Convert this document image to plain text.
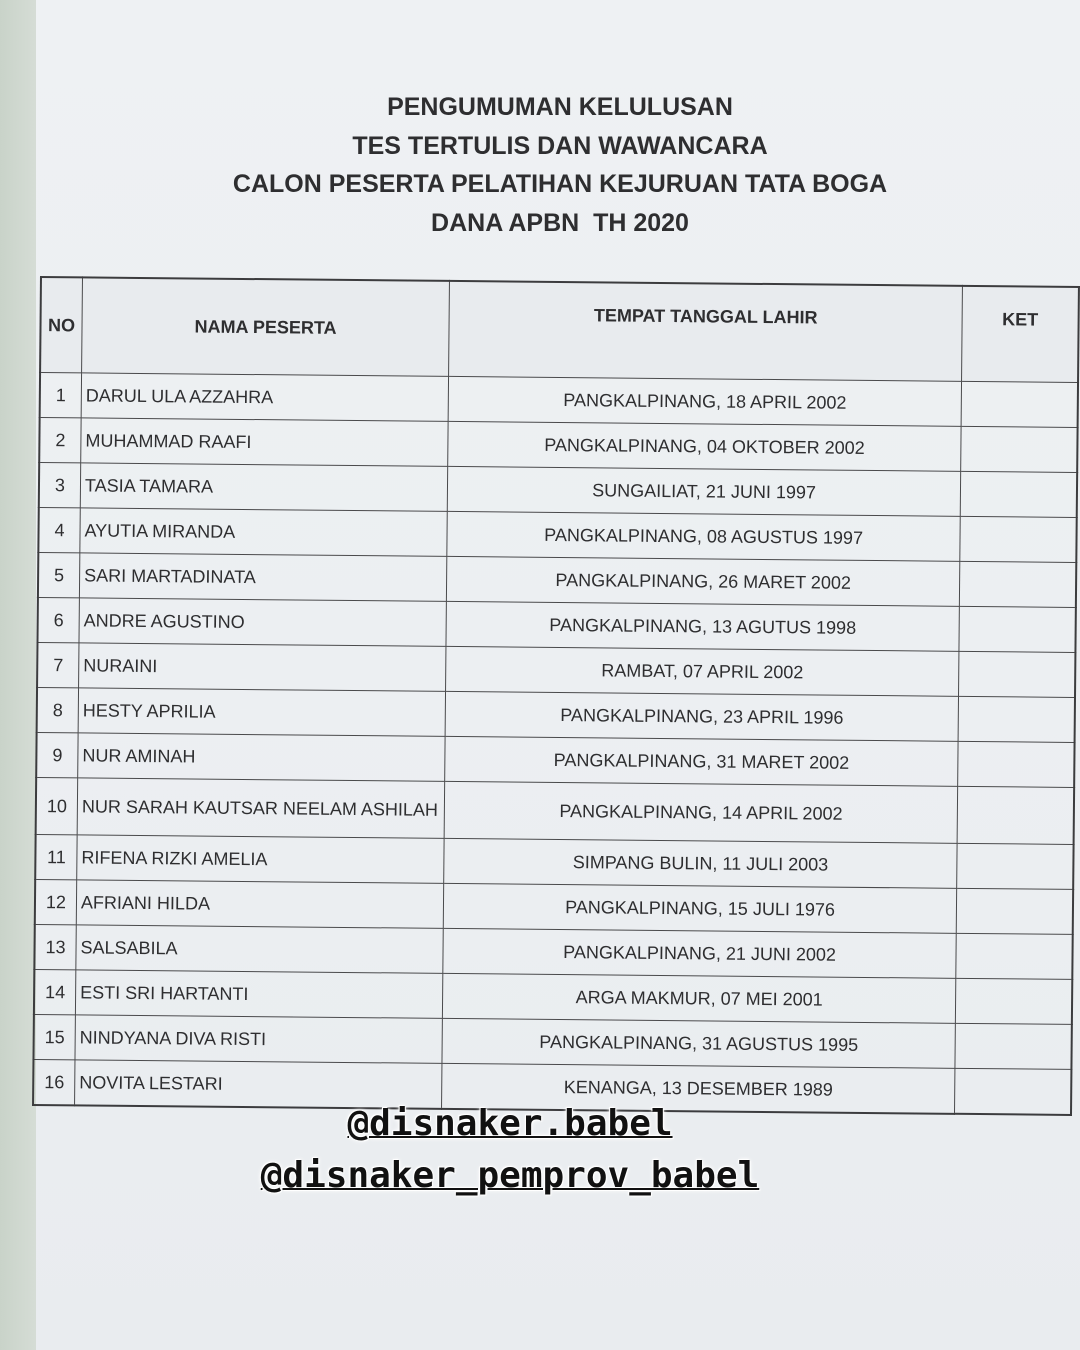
PENGUMUMAN KELULUSAN
TES TERTULIS DAN WAWANCARA
CALON PESERTA PELATIHAN KEJURUAN TATA BOGA
DANA APBN  TH 2020
NO	NAMA PESERTA	TEMPAT TANGGAL LAHIR	KET
1	DARUL ULA AZZAHRA	PANGKALPINANG, 18 APRIL 2002	
2	MUHAMMAD RAAFI	PANGKALPINANG, 04 OKTOBER 2002	
3	TASIA TAMARA	SUNGAILIAT, 21 JUNI 1997	
4	AYUTIA MIRANDA	PANGKALPINANG, 08 AGUSTUS 1997	
5	SARI MARTADINATA	PANGKALPINANG, 26 MARET 2002	
6	ANDRE AGUSTINO	PANGKALPINANG, 13 AGUTUS 1998	
7	NURAINI	RAMBAT, 07 APRIL 2002	
8	HESTY APRILIA	PANGKALPINANG, 23 APRIL 1996	
9	NUR AMINAH	PANGKALPINANG, 31 MARET 2002	
10	NUR SARAH KAUTSAR NEELAM ASHILAH	PANGKALPINANG, 14 APRIL 2002	
11	RIFENA RIZKI AMELIA	SIMPANG BULIN, 11 JULI 2003	
12	AFRIANI HILDA	PANGKALPINANG, 15 JULI 1976	
13	SALSABILA	PANGKALPINANG, 21 JUNI 2002	
14	ESTI SRI HARTANTI	ARGA MAKMUR, 07 MEI 2001	
15	NINDYANA DIVA RISTI	PANGKALPINANG, 31 AGUSTUS 1995	
16	NOVITA LESTARI	KENANGA, 13 DESEMBER 1989	
@disnaker.babel
@disnaker_pemprov_babel
